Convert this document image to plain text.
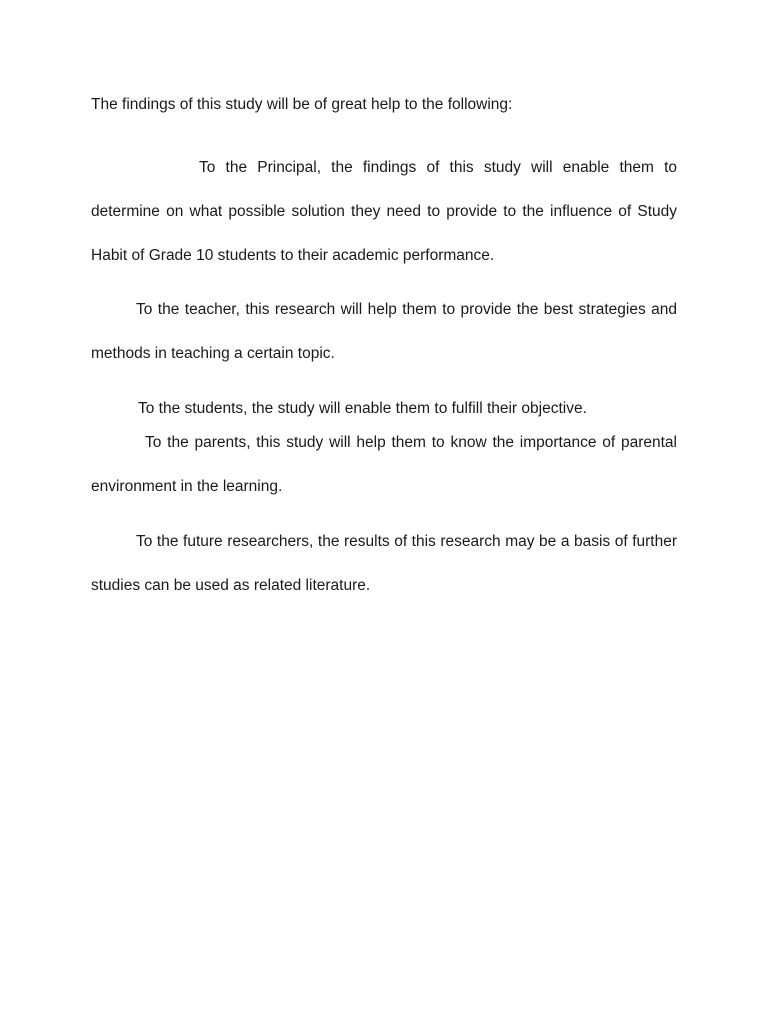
The findings of this study will be of great help to the following:

To the Principal, the findings of this study will enable them to determine on what possible solution they need to provide to the influence of Study Habit of Grade 10 students to their academic performance.

To the teacher, this research will help them to provide the best strategies and methods in teaching a certain topic.

To the students, the study will enable them to fulfill their objective.

To the parents, this study will help them to know the importance of parental environment in the learning.

To the future researchers, the results of this research may be a basis of further studies can be used as related literature.
